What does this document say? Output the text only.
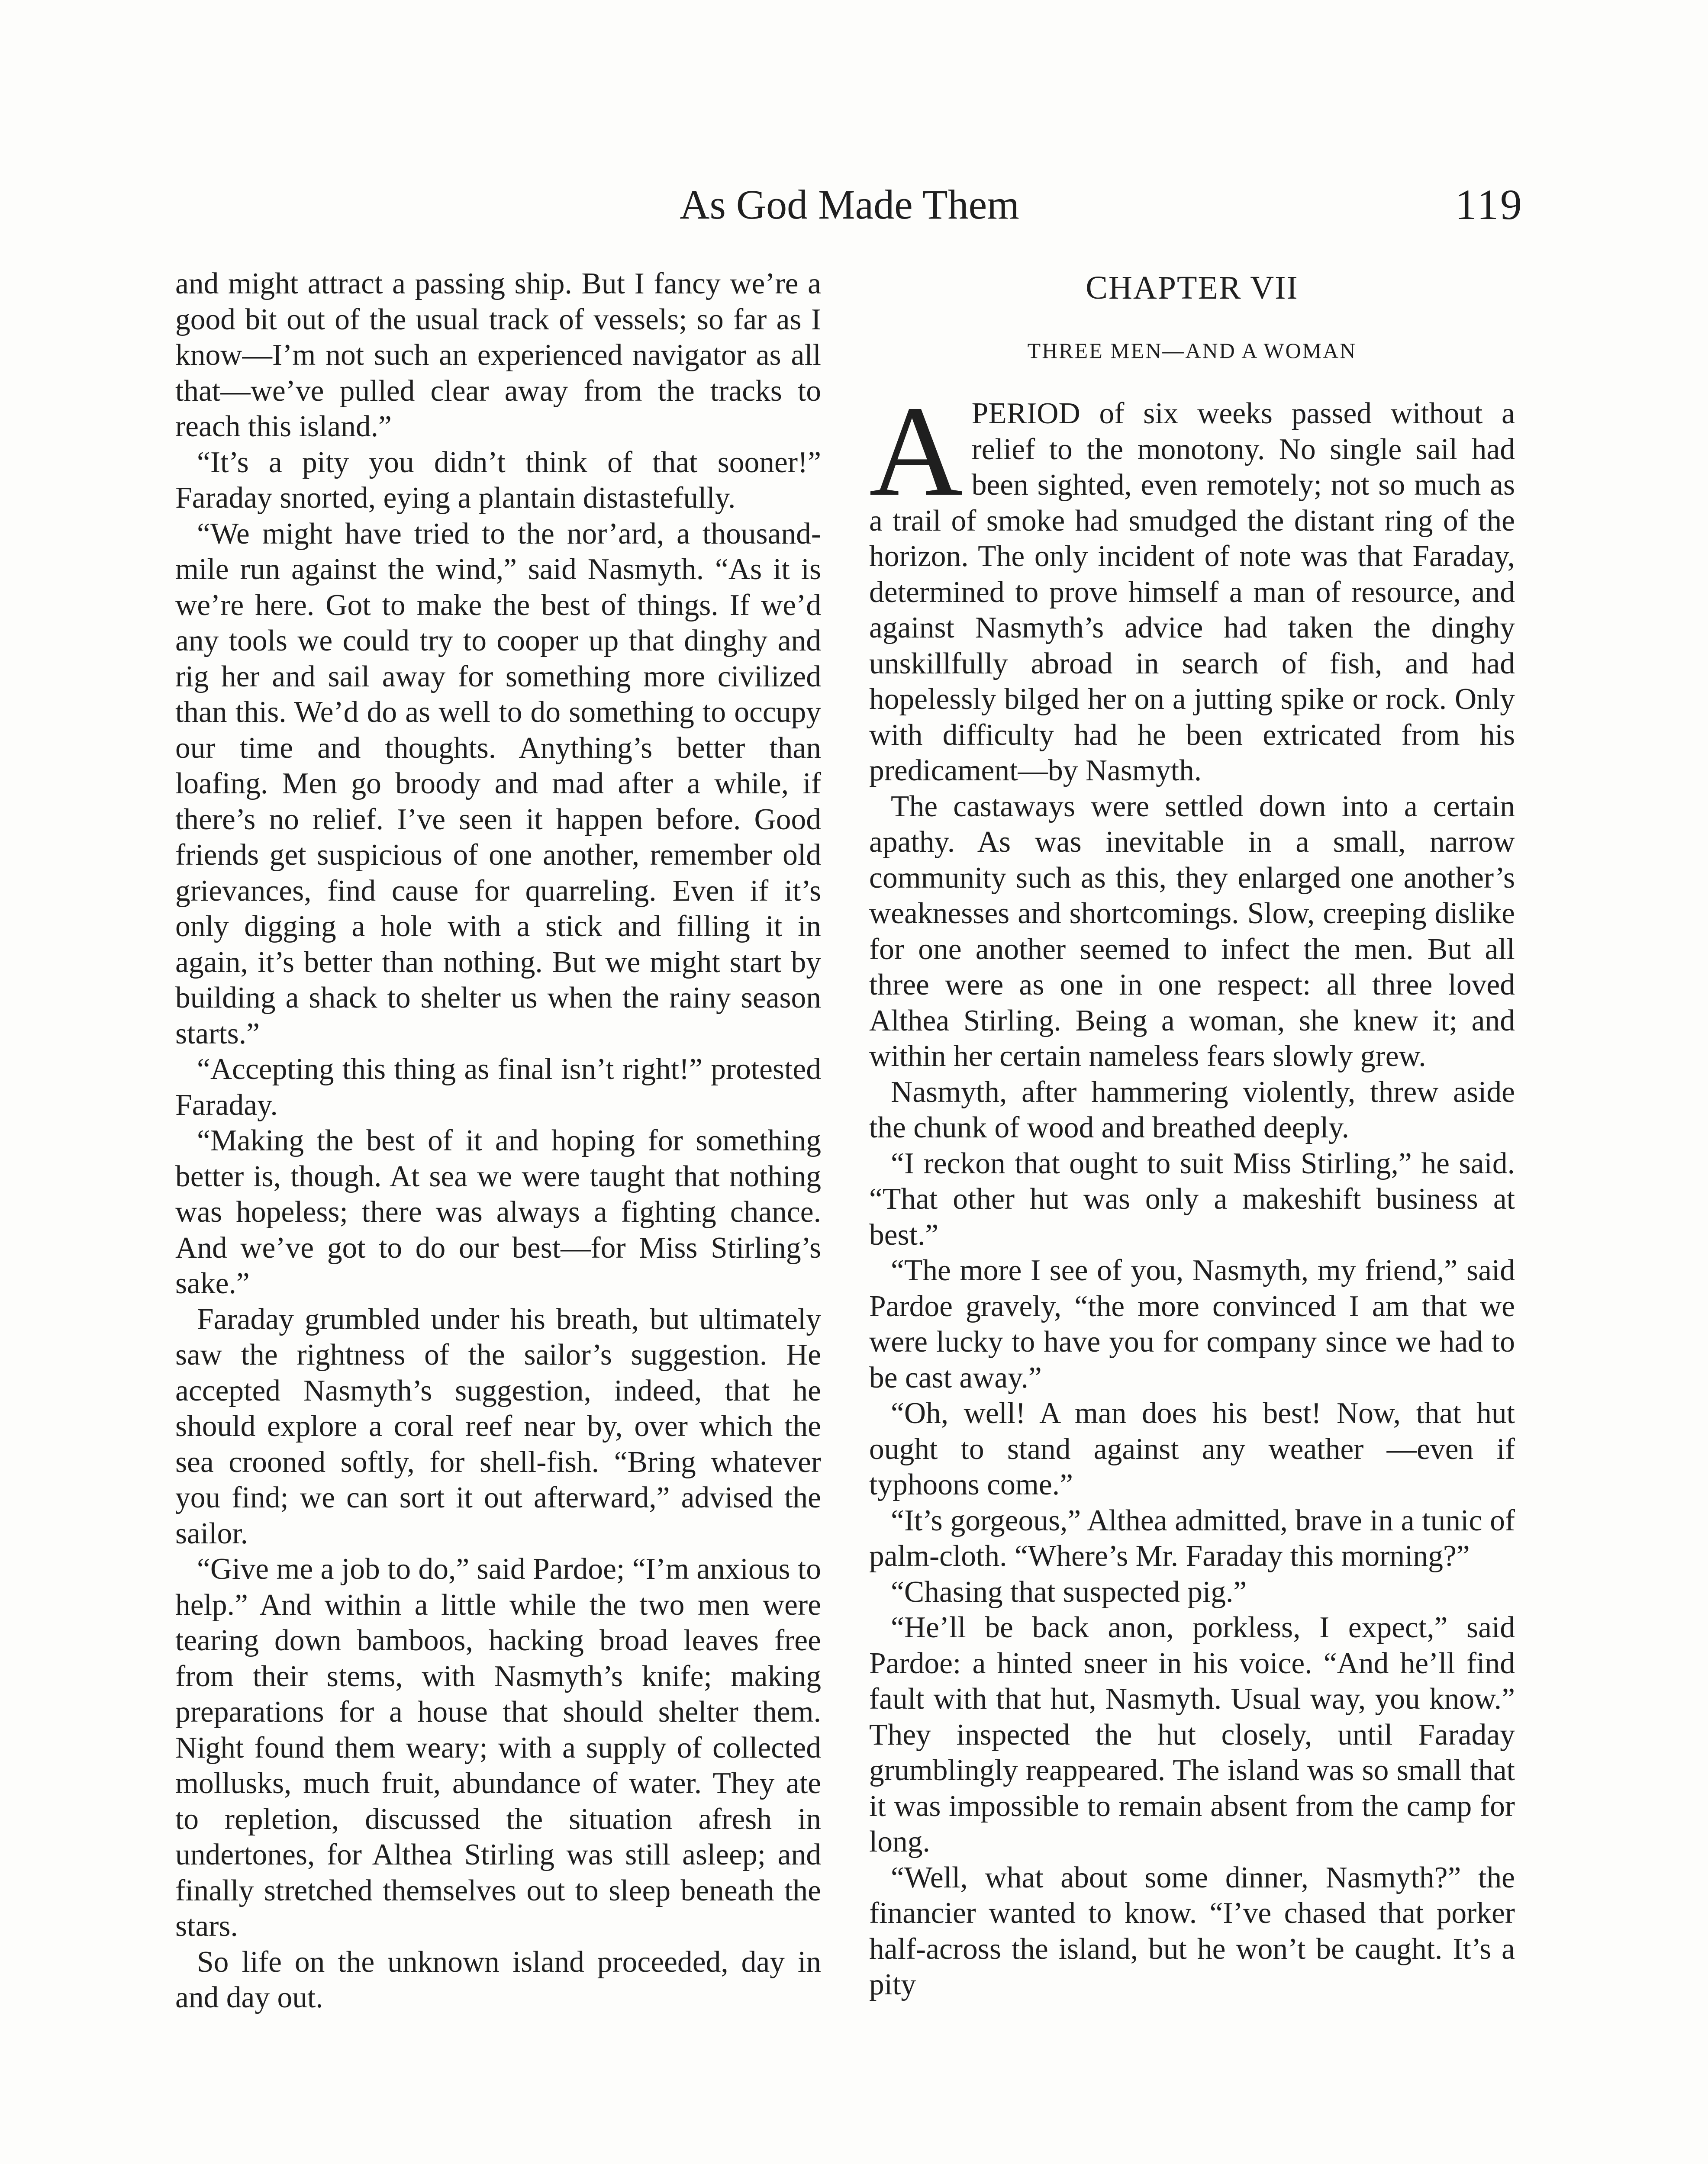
As God Made Them	119

and might attract a passing ship. But I fancy we’re a good bit out of the usual track of vessels; so far as I know—I’m not such an experienced navigator as all that—we’ve pulled clear away from the tracks to reach this island.”

“It’s a pity you didn’t think of that sooner!” Faraday snorted, eying a plantain distastefully.

“We might have tried to the nor’ard, a thousand-mile run against the wind,” said Nasmyth. “As it is we’re here. Got to make the best of things. If we’d any tools we could try to cooper up that dinghy and rig her and sail away for something more civilized than this. We’d do as well to do something to occupy our time and thoughts. Anything’s better than loafing. Men go broody and mad after a while, if there’s no relief. I’ve seen it happen before. Good friends get suspicious of one another, remember old grievances, find cause for quarreling. Even if it’s only digging a hole with a stick and filling it in again, it’s better than nothing. But we might start by building a shack to shelter us when the rainy season starts.”

“Accepting this thing as final isn’t right!” protested Faraday.

“Making the best of it and hoping for something better is, though. At sea we were taught that nothing was hopeless; there was always a fighting chance. And we’ve got to do our best—for Miss Stirling’s sake.”

Faraday grumbled under his breath, but ultimately saw the rightness of the sailor’s suggestion. He accepted Nasmyth’s suggestion, indeed, that he should explore a coral reef near by, over which the sea crooned softly, for shell-fish. “Bring whatever you find; we can sort it out afterward,” advised the sailor.

“Give me a job to do,” said Pardoe; “I’m anxious to help.” And within a little while the two men were tearing down bamboos, hacking broad leaves free from their stems, with Nasmyth’s knife; making preparations for a house that should shelter them. Night found them weary; with a supply of collected mollusks, much fruit, abundance of water. They ate to repletion, discussed the situation afresh in undertones, for Althea Stirling was still asleep; and finally stretched themselves out to sleep beneath the stars.

So life on the unknown island proceeded, day in and day out.

CHAPTER VII
THREE MEN—AND A WOMAN

APERIOD of six weeks passed without a relief to the monotony. No single sail had been sighted, even remotely; not so much as a trail of smoke had smudged the distant ring of the horizon. The only incident of note was that Faraday, determined to prove himself a man of resource, and against Nasmyth’s advice had taken the dinghy unskillfully abroad in search of fish, and had hopelessly bilged her on a jutting spike or rock. Only with difficulty had he been extricated from his predicament—by Nasmyth.

The castaways were settled down into a certain apathy. As was inevitable in a small, narrow community such as this, they enlarged one another’s weaknesses and shortcomings. Slow, creeping dislike for one another seemed to infect the men. But all three were as one in one respect: all three loved Althea Stirling. Being a woman, she knew it; and within her certain nameless fears slowly grew.

Nasmyth, after hammering violently, threw aside the chunk of wood and breathed deeply.

“I reckon that ought to suit Miss Stirling,” he said. “That other hut was only a makeshift business at best.”

“The more I see of you, Nasmyth, my friend,” said Pardoe gravely, “the more convinced I am that we were lucky to have you for company since we had to be cast away.”

“Oh, well! A man does his best! Now, that hut ought to stand against any weather —even if typhoons come.”

“It’s gorgeous,” Althea admitted, brave in a tunic of palm-cloth. “Where’s Mr. Faraday this morning?”

“Chasing that suspected pig.”

“He’ll be back anon, porkless, I expect,” said Pardoe: a hinted sneer in his voice. “And he’ll find fault with that hut, Nasmyth. Usual way, you know.” They inspected the hut closely, until Faraday grumblingly reappeared. The island was so small that it was impossible to remain absent from the camp for long.

“Well, what about some dinner, Nasmyth?” the financier wanted to know. “I’ve chased that porker half-across the island, but he won’t be caught. It’s a pity
